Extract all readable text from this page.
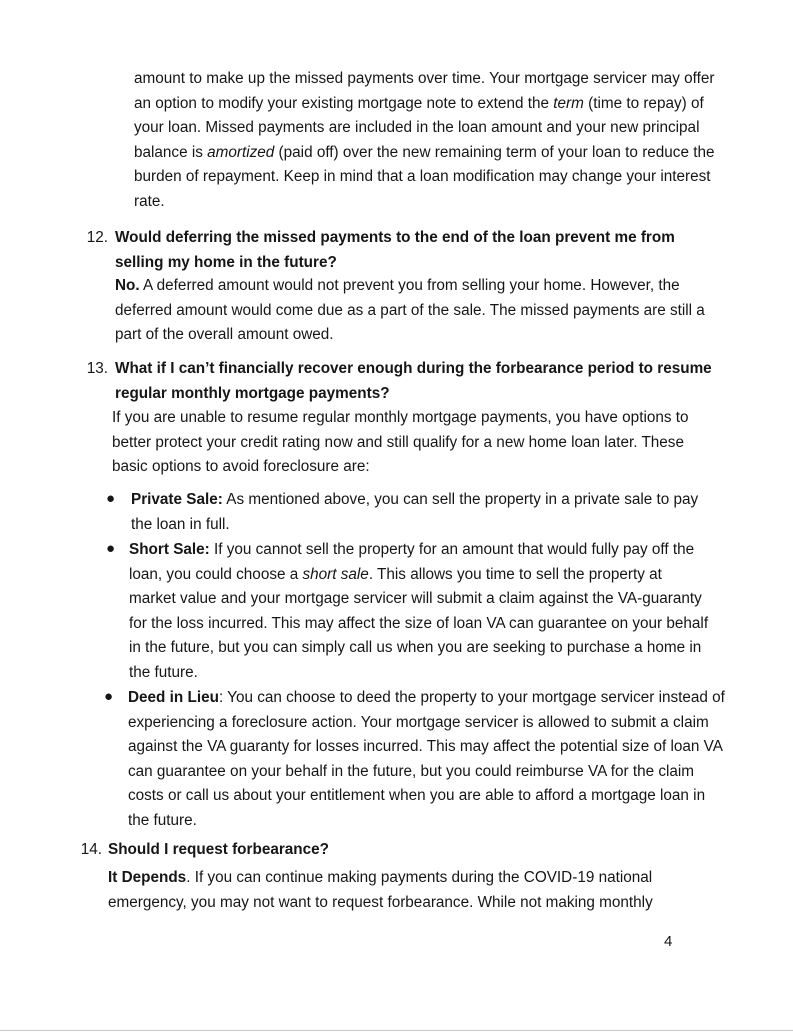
amount to make up the missed payments over time. Your mortgage servicer may offer an option to modify your existing mortgage note to extend the term (time to repay) of your loan. Missed payments are included in the loan amount and your new principal balance is amortized (paid off) over the new remaining term of your loan to reduce the burden of repayment. Keep in mind that a loan modification may change your interest rate.
12. Would deferring the missed payments to the end of the loan prevent me from selling my home in the future?
No. A deferred amount would not prevent you from selling your home. However, the deferred amount would come due as a part of the sale. The missed payments are still a part of the overall amount owed.
13. What if I can’t financially recover enough during the forbearance period to resume regular monthly mortgage payments?
If you are unable to resume regular monthly mortgage payments, you have options to better protect your credit rating now and still qualify for a new home loan later. These basic options to avoid foreclosure are:
● Private Sale: As mentioned above, you can sell the property in a private sale to pay the loan in full.
● Short Sale: If you cannot sell the property for an amount that would fully pay off the loan, you could choose a short sale. This allows you time to sell the property at market value and your mortgage servicer will submit a claim against the VA-guaranty for the loss incurred. This may affect the size of loan VA can guarantee on your behalf in the future, but you can simply call us when you are seeking to purchase a home in the future.
● Deed in Lieu: You can choose to deed the property to your mortgage servicer instead of experiencing a foreclosure action. Your mortgage servicer is allowed to submit a claim against the VA guaranty for losses incurred. This may affect the potential size of loan VA can guarantee on your behalf in the future, but you could reimburse VA for the claim costs or call us about your entitlement when you are able to afford a mortgage loan in the future.
14. Should I request forbearance?
It Depends. If you can continue making payments during the COVID-19 national emergency, you may not want to request forbearance. While not making monthly
4
